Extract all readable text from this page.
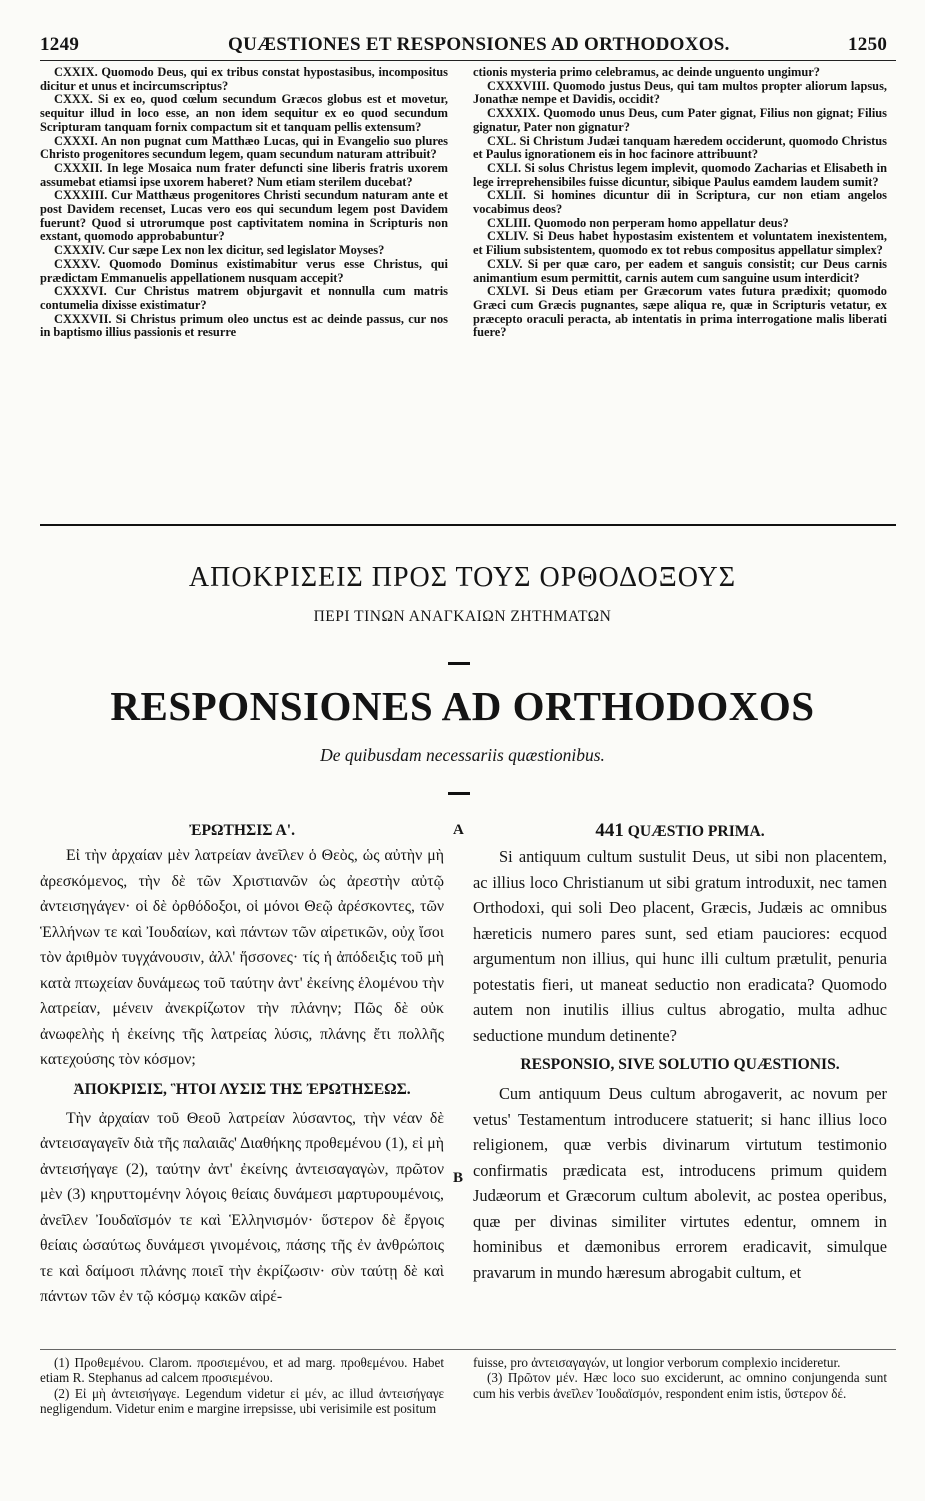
1249	QUÆSTIONES ET RESPONSIONES AD ORTHODOXOS.	1250

CXXIX. Quomodo Deus, qui ex tribus constat hypostasibus, incompositus dicitur et unus et incircumscriptus?

CXXX. Si ex eo, quod cœlum secundum Græcos globus est et movetur, sequitur illud in loco esse, an non idem sequitur ex eo quod secundum Scripturam tanquam fornix compactum sit et tanquam pellis extensum?

CXXXI. An non pugnat cum Matthæo Lucas, qui in Evangelio suo plures Christo progenitores secundum legem, quam secundum naturam attribuit?

CXXXII. In lege Mosaica num frater defuncti sine liberis fratris uxorem assumebat etiamsi ipse uxorem haberet? Num etiam sterilem ducebat?

CXXXIII. Cur Matthæus progenitores Christi secundum naturam ante et post Davidem recenset, Lucas vero eos qui secundum legem post Davidem fuerunt? Quod si utrorumque post captivitatem nomina in Scripturis non exstant, quomodo approbabuntur?

CXXXIV. Cur sæpe Lex non lex dicitur, sed legislator Moyses?

CXXXV. Quomodo Dominus existimabitur verus esse Christus, qui prædictam Emmanuelis appellationem nusquam accepit?

CXXXVI. Cur Christus matrem objurgavit et nonnulla cum matris contumelia dixisse existimatur?

CXXXVII. Si Christus primum oleo unctus est ac deinde passus, cur nos in baptismo illius passionis et resurre

ctionis mysteria primo celebramus, ac deinde unguento ungimur?

CXXXVIII. Quomodo justus Deus, qui tam multos propter aliorum lapsus, Jonathæ nempe et Davidis, occidit?

CXXXIX. Quomodo unus Deus, cum Pater gignat, Filius non gignat; Filius gignatur, Pater non gignatur?

CXL. Si Christum Judæi tanquam hæredem occiderunt, quomodo Christus et Paulus ignorationem eis in hoc facinore attribuunt?

CXLI. Si solus Christus legem implevit, quomodo Zacharias et Elisabeth in lege irreprehensibiles fuisse dicuntur, sibique Paulus eamdem laudem sumit?

CXLII. Si homines dicuntur dii in Scriptura, cur non etiam angelos vocabimus deos?

CXLIII. Quomodo non perperam homo appellatur deus?

CXLIV. Si Deus habet hypostasim existentem et voluntatem inexistentem, et Filium subsistentem, quomodo ex tot rebus compositus appellatur simplex?

CXLV. Si per quæ caro, per eadem et sanguis consistit; cur Deus carnis animantium esum permittit, carnis autem cum sanguine usum interdicit?

CXLVI. Si Deus etiam per Græcorum vates futura prædixit; quomodo Græci cum Græcis pugnantes, sæpe aliqua re, quæ in Scripturis vetatur, ex præcepto oraculi peracta, ab intentatis in prima interrogatione malis liberati fuere?

ΑΠΟΚΡΙΣΕΙΣ ΠΡΟΣ ΤΟΥΣ ΟΡΘΟΔΟΞΟΥΣ
ΠΕΡΙ ΤΙΝΩΝ ΑΝΑΓΚΑΙΩΝ ΖΗΤΗΜΑΤΩΝ
RESPONSIONES AD ORTHODOXOS
De quibusdam necessariis quæstionibus.
A
B

ἘΡΩΤΗΣΙΣ Α'.

Εἰ τὴν ἀρχαίαν μὲν λατρείαν ἀνεῖλεν ὁ Θεὸς, ὡς αὐτὴν μὴ ἀρεσκόμενος, τὴν δὲ τῶν Χριστιανῶν ὡς ἀρεστὴν αὐτῷ ἀντεισηγάγεν· οἱ δὲ ὀρθόδοξοι, οἱ μόνοι Θεῷ ἀρέσκοντες, τῶν Ἑλλήνων τε καὶ Ἰουδαίων, καὶ πάντων τῶν αἱρετικῶν, οὐχ ἴσοι τὸν ἀριθμὸν τυγχάνουσιν, ἀλλ' ἥσσονες· τίς ἡ ἀπόδειξις τοῦ μὴ κατὰ πτωχείαν δυνάμεως τοῦ ταύτην ἀντ' ἐκείνης ἑλομένου τὴν λατρείαν, μένειν ἀνεκρίζωτον τὴν πλάνην; Πῶς δὲ οὐκ ἀνωφελὴς ἡ ἐκείνης τῆς λατρείας λύσις, πλάνης ἔτι πολλῆς κατεχούσης τὸν κόσμον;

ἈΠΟΚΡΙΣΙΣ, ἫΤΟΙ ΛΥΣΙΣ ΤΗΣ ἘΡΩΤΗΣΕΩΣ.

Τὴν ἀρχαίαν τοῦ Θεοῦ λατρείαν λύσαντος, τὴν νέαν δὲ ἀντεισαγαγεῖν διὰ τῆς παλαιᾶς' Διαθήκης προθεμένου (1), εἰ μὴ ἀντεισήγαγε (2), ταύτην ἀντ' ἐκείνης ἀντεισαγαγὼν, πρῶτον μὲν (3) κηρυττομένην λόγοις θείαις δυνάμεσι μαρτυρουμένοις, ἀνεῖλεν Ἰουδαϊσμόν τε καὶ Ἑλληνισμόν· ὕστερον δὲ ἔργοις θείαις ὡσαύτως δυνάμεσι γινομένοις, πάσης τῆς ἐν ἀνθρώποις τε καὶ δαίμοσι πλάνης ποιεῖ τὴν ἐκρίζωσιν· σὺν ταύτῃ δὲ καὶ πάντων τῶν ἐν τῷ κόσμῳ κακῶν αἱρέ-

441 QUÆSTIO PRIMA.

Si antiquum cultum sustulit Deus, ut sibi non placentem, ac illius loco Christianum ut sibi gratum introduxit, nec tamen Orthodoxi, qui soli Deo placent, Græcis, Judæis ac omnibus hæreticis numero pares sunt, sed etiam pauciores: ecquod argumentum non illius, qui hunc illi cultum prætulit, penuria potestatis fieri, ut maneat seductio non eradicata? Quomodo autem non inutilis illius cultus abrogatio, multa adhuc seductione mundum detinente?

RESPONSIO, SIVE SOLUTIO QUÆSTIONIS.

Cum antiquum Deus cultum abrogaverit, ac novum per vetus' Testamentum introducere statuerit; si hanc illius loco religionem, quæ verbis divinarum virtutum testimonio confirmatis prædicata est, introducens primum quidem Judæorum et Græcorum cultum abolevit, ac postea operibus, quæ per divinas similiter virtutes edentur, omnem in hominibus et dæmonibus errorem eradicavit, simulque pravarum in mundo hæresum abrogabit cultum, et

(1) Προθεμένου. Clarom. προσιεμένου, et ad marg. προθεμένου. Habet etiam R. Stephanus ad calcem προσιεμένου.

(2) Εἰ μὴ ἀντεισήγαγε. Legendum videtur εἰ μέν, ac illud ἀντεισήγαγε negligendum. Videtur enim e margine irrepsisse, ubi verisimile est positum

fuisse, pro ἀντεισαγαγών, ut longior verborum complexio incideretur.

(3) Πρῶτον μέν. Hæc loco suo exciderunt, ac omnino conjungenda sunt cum his verbis ἀνεῖλεν Ἰουδαϊσμόν, respondent enim istis, ὕστερον δέ.
